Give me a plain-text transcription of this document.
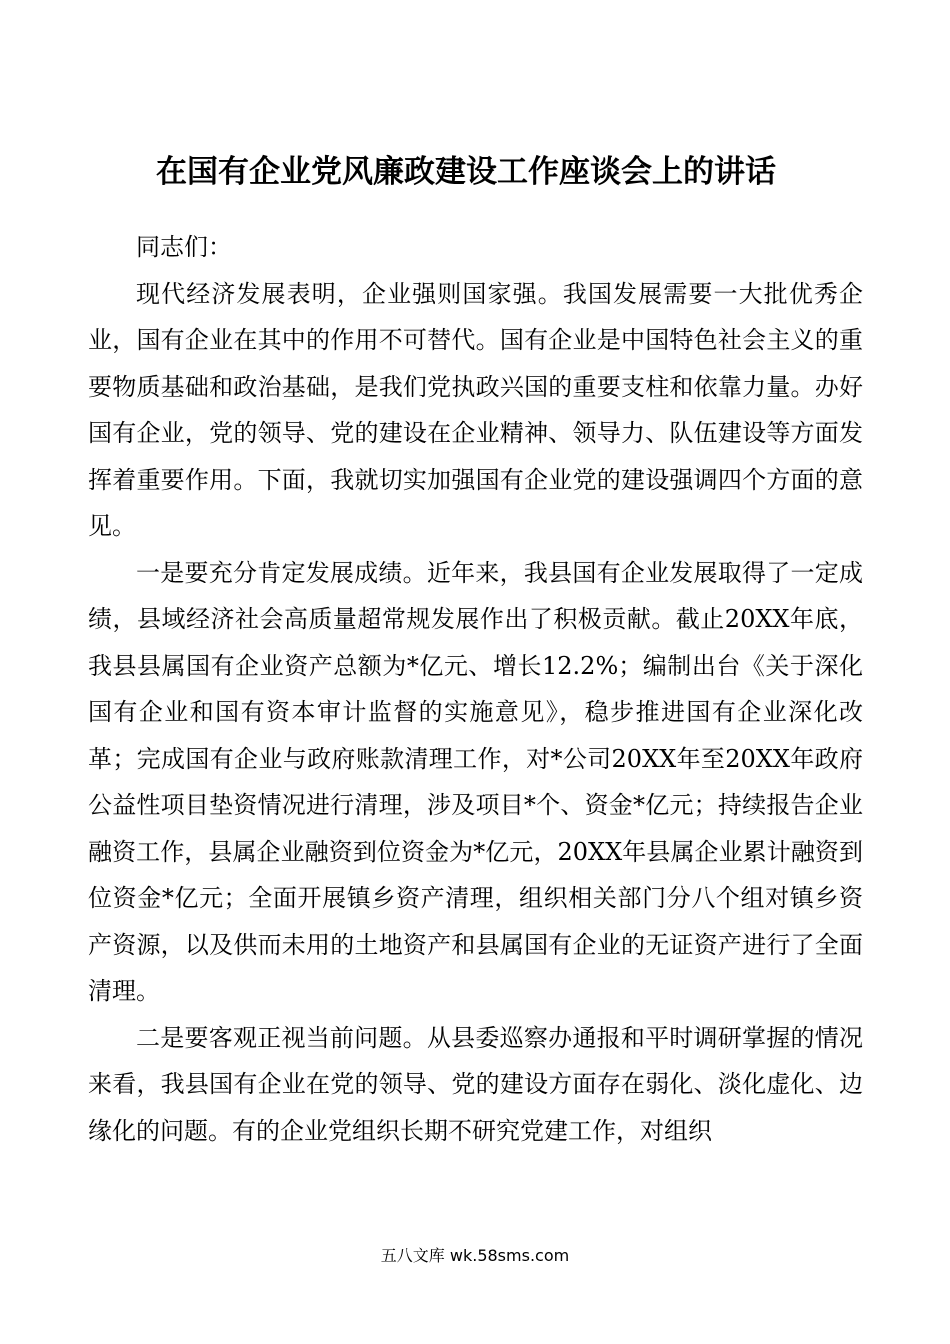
在国有企业党风廉政建设工作座谈会上的讲话

同志们：

现代经济发展表明，企业强则国家强。我国发展需要一大批优秀企业，国有企业在其中的作用不可替代。国有企业是中国特色社会主义的重要物质基础和政治基础，是我们党执政兴国的重要支柱和依靠力量。办好国有企业，党的领导、党的建设在企业精神、领导力、队伍建设等方面发挥着重要作用。下面，我就切实加强国有企业党的建设强调四个方面的意见。

一是要充分肯定发展成绩。近年来，我县国有企业发展取得了一定成绩，县域经济社会高质量超常规发展作出了积极贡献。截止20XX年底，我县县属国有企业资产总额为*亿元、增长12.2%；编制出台《关于深化国有企业和国有资本审计监督的实施意见》，稳步推进国有企业深化改革；完成国有企业与政府账款清理工作，对*公司20XX年至20XX年政府公益性项目垫资情况进行清理，涉及项目*个、资金*亿元；持续报告企业融资工作，县属企业融资到位资金为*亿元，20XX年县属企业累计融资到位资金*亿元；全面开展镇乡资产清理，组织相关部门分八个组对镇乡资产资源，以及供而未用的土地资产和县属国有企业的无证资产进行了全面清理。

二是要客观正视当前问题。从县委巡察办通报和平时调研掌握的情况来看，我县国有企业在党的领导、党的建设方面存在弱化、淡化虚化、边缘化的问题。有的企业党组织长期不研究党建工作，对组织

五八文库 wk.58sms.com
